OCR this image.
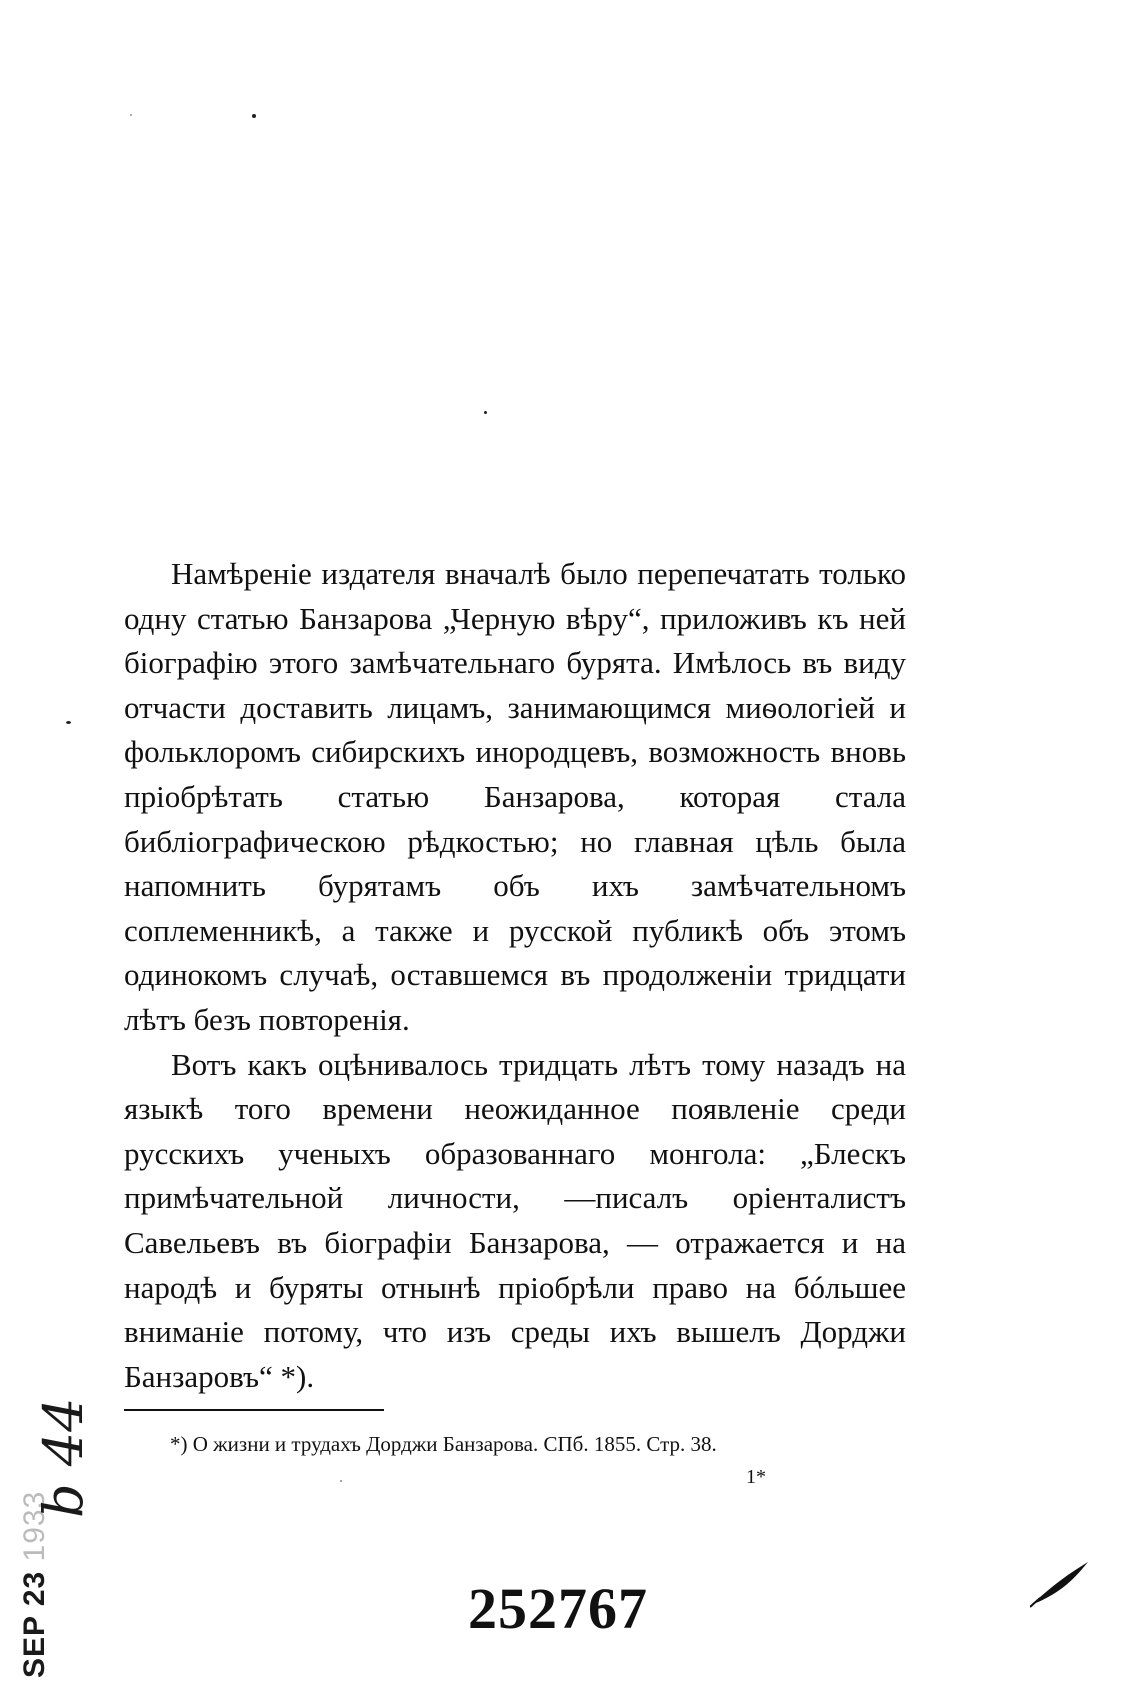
Намѣреніе издателя вначалѣ было перепечатать только одну статью Банзарова „Черную вѣру“, приложивъ къ ней біографію этого замѣчательнаго бурята. Имѣлось въ виду отчасти доставить лицамъ, занимающимся миѳологіей и фольклоромъ сибирскихъ инородцевъ, возможность вновь пріобрѣтать статью Банзарова, которая стала библіографическою рѣдкостью; но главная цѣль была напомнить бурятамъ объ ихъ замѣчательномъ соплеменникѣ, а также и русской публикѣ объ этомъ одинокомъ случаѣ, оставшемся въ продолженіи тридцати лѣтъ безъ повторенія.

Вотъ какъ оцѣнивалось тридцать лѣтъ тому назадъ на языкѣ того времени неожиданное появленіе среди русскихъ ученыхъ образованнаго монгола: „Блескъ примѣчательной личности, —писалъ оріенталистъ Савельевъ въ біографіи Банзарова, — отражается и на народѣ и буряты отнынѣ пріобрѣли право на бóльшее вниманіе потому, что изъ среды ихъ вышелъ Дорджи Банзаровъ“ *).

*) О жизни и трудахъ Дорджи Банзарова. СПб. 1855. Стр. 38.

1*

252767

SEP 23 1933
b 44
